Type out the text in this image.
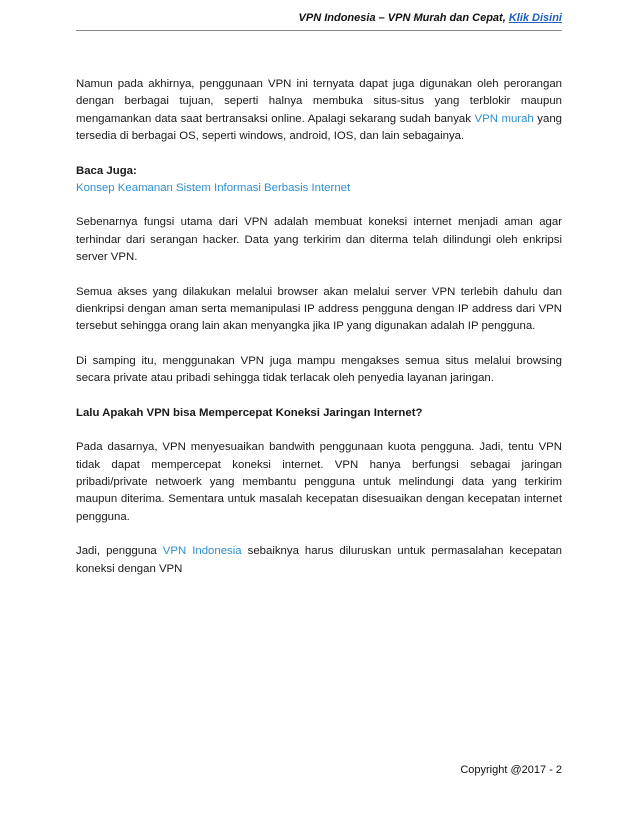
VPN Indonesia – VPN Murah dan Cepat, Klik Disini

Namun pada akhirnya, penggunaan VPN ini ternyata dapat juga digunakan oleh perorangan dengan berbagai tujuan, seperti halnya membuka situs-situs yang terblokir maupun mengamankan data saat bertransaksi online. Apalagi sekarang sudah banyak VPN murah yang tersedia di berbagai OS, seperti windows, android, IOS, dan lain sebagainya.

Baca Juga:
Konsep Keamanan Sistem Informasi Berbasis Internet

Sebenarnya fungsi utama dari VPN adalah membuat koneksi internet menjadi aman agar terhindar dari serangan hacker. Data yang terkirim dan diterma telah dilindungi oleh enkripsi server VPN.

Semua akses yang dilakukan melalui browser akan melalui server VPN terlebih dahulu dan dienkripsi dengan aman serta memanipulasi IP address pengguna dengan IP address dari VPN tersebut sehingga orang lain akan menyangka jika IP yang digunakan adalah IP pengguna.

Di samping itu, menggunakan VPN juga mampu mengakses semua situs melalui browsing secara private atau pribadi sehingga tidak terlacak oleh penyedia layanan jaringan.

Lalu Apakah VPN bisa Mempercepat Koneksi Jaringan Internet?

Pada dasarnya, VPN menyesuaikan bandwith penggunaan kuota pengguna. Jadi, tentu VPN tidak dapat mempercepat koneksi internet. VPN hanya berfungsi sebagai jaringan pribadi/private netwoerk yang membantu pengguna untuk melindungi data yang terkirim maupun diterima. Sementara untuk masalah kecepatan disesuaikan dengan kecepatan internet pengguna.

Jadi, pengguna VPN Indonesia sebaiknya harus diluruskan untuk permasalahan kecepatan koneksi dengan VPN

Copyright @2017 - 2
